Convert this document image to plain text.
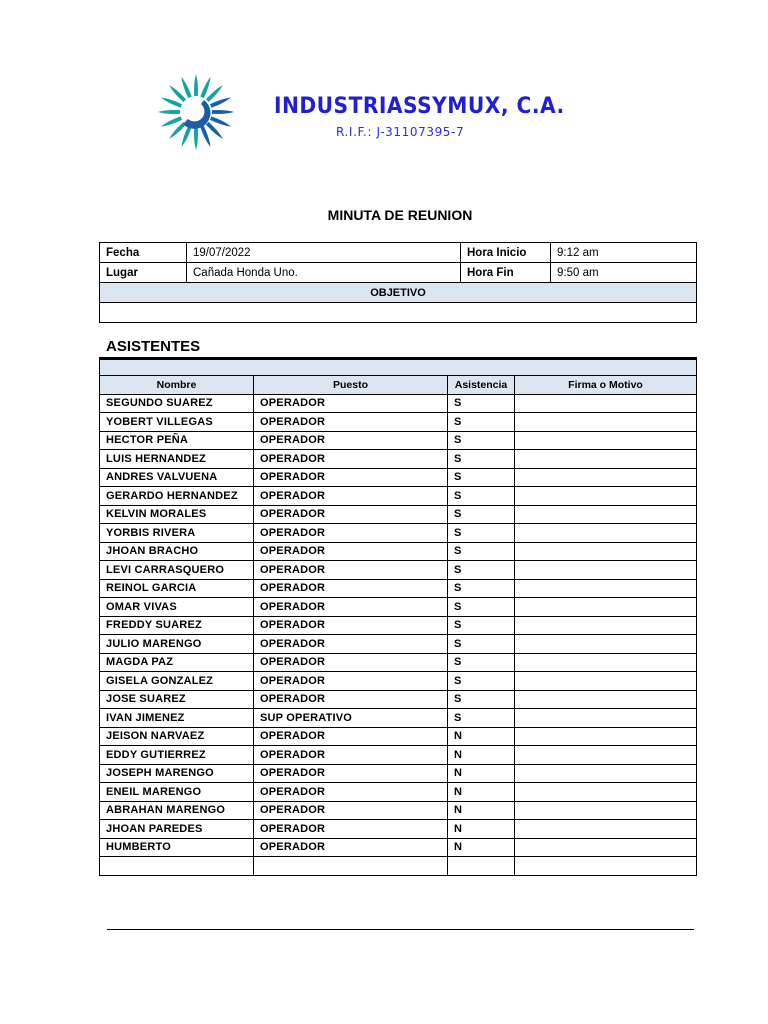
INDUSTRIASSYMUX, C.A.
R.I.F.: J-31107395-7
MINUTA DE REUNION
Fecha	19/07/2022	Hora Inicio	9:12 am
Lugar	Cañada Honda Uno.	Hora Fin	9:50 am
OBJETIVO			

ASISTENTES

Nombre	Puesto	Asistencia	Firma o Motivo
SEGUNDO SUAREZ	OPERADOR	S	
YOBERT VILLEGAS	OPERADOR	S	
HECTOR PEÑA	OPERADOR	S	
LUIS HERNANDEZ	OPERADOR	S	
ANDRES VALVUENA	OPERADOR	S	
GERARDO HERNANDEZ	OPERADOR	S	
KELVIN MORALES	OPERADOR	S	
YORBIS RIVERA	OPERADOR	S	
JHOAN BRACHO	OPERADOR	S	
LEVI CARRASQUERO	OPERADOR	S	
REINOL GARCIA	OPERADOR	S	
OMAR VIVAS	OPERADOR	S	
FREDDY SUAREZ	OPERADOR	S	
JULIO MARENGO	OPERADOR	S	
MAGDA PAZ	OPERADOR	S	
GISELA GONZALEZ	OPERADOR	S	
JOSE SUAREZ	OPERADOR	S	
IVAN JIMENEZ	SUP OPERATIVO	S	
JEISON NARVAEZ	OPERADOR	N	
EDDY GUTIERREZ	OPERADOR	N	
JOSEPH MARENGO	OPERADOR	N	
ENEIL MARENGO	OPERADOR	N	
ABRAHAN MARENGO	OPERADOR	N	
JHOAN PAREDES	OPERADOR	N	
HUMBERTO	OPERADOR	N	
